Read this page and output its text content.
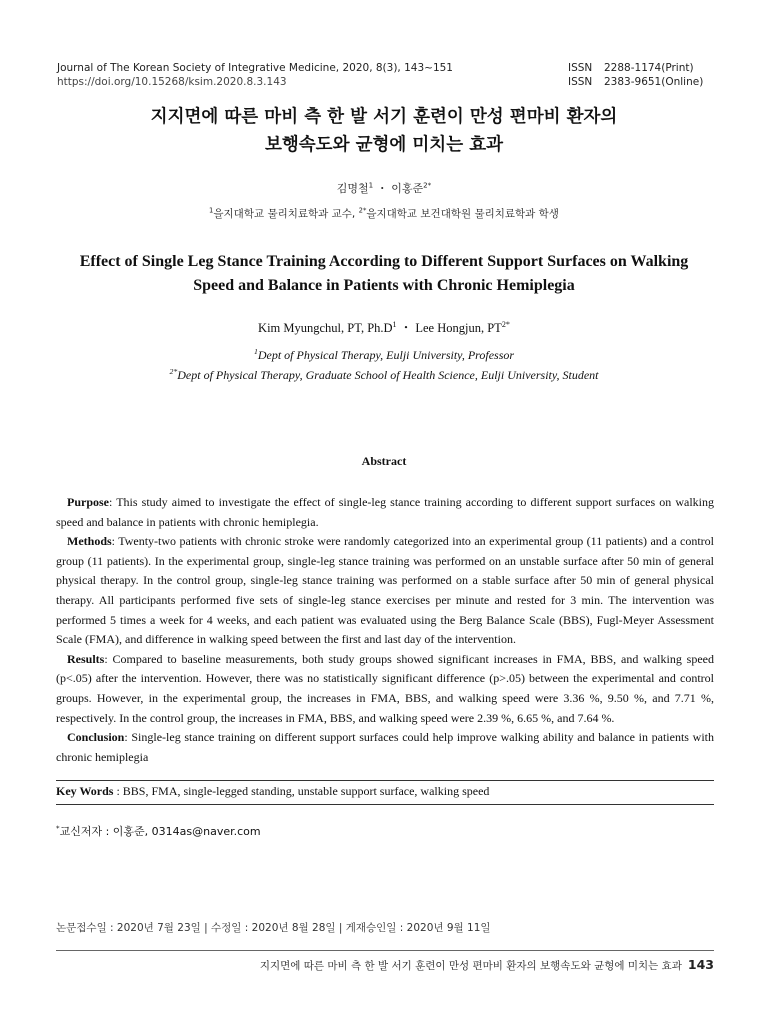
Journal of The Korean Society of Integrative Medicine, 2020, 8(3), 143~151
https://doi.org/10.15268/ksim.2020.8.3.143
ISSN 2288-1174(Print)
ISSN 2383-9651(Online)
지지면에 따른 마비 측 한 발 서기 훈련이 만성 편마비 환자의
보행속도와 균형에 미치는 효과
김명철$^1$ ・ 이홍준$^{2*}$
$^1$을지대학교 물리치료학과 교수, $^{2*}$을지대학교 보건대학원 물리치료학과 학생
Effect of Single Leg Stance Training According to Different Support Surfaces on Walking
Speed and Balance in Patients with Chronic Hemiplegia
Kim Myungchul, PT, $Ph.D^1$ ・ Lee Hongjun, $PT^{2*}$
$^1$Dept of Physical Therapy, Eulji University, Professor
$^{2*}$Dept of Physical Therapy, Graduate School of Health Science, Eulji University, Student
Abstract

Purpose: This study aimed to investigate the effect of single-leg stance training according to different support surfaces on walking speed and balance in patients with chronic hemiplegia.

Methods: Twenty-two patients with chronic stroke were randomly categorized into an experimental group (11 patients) and a control group (11 patients). In the experimental group, single-leg stance training was performed on an unstable surface after 50 min of general physical therapy. In the control group, single-leg stance training was performed on a stable surface after 50 min of general physical therapy. All participants performed five sets of single-leg stance exercises per minute and rested for 3 min. The intervention was performed 5 times a week for 4 weeks, and each patient was evaluated using the Berg Balance Scale (BBS), Fugl-Meyer Assessment Scale (FMA), and difference in walking speed between the first and last day of the intervention.

Results: Compared to baseline measurements, both study groups showed significant increases in FMA, BBS, and walking speed (p<.05) after the intervention. However, there was no statistically significant difference (p>.05) between the experimental and control groups. However, in the experimental group, the increases in FMA, BBS, and walking speed were 3.36 %, 9.50 %, and 7.71 %, respectively. In the control group, the increases in FMA, BBS, and walking speed were 2.39 %, 6.65 %, and 7.64 %.

Conclusion: Single-leg stance training on different support surfaces could help improve walking ability and balance in patients with chronic hemiplegia

Key Words : BBS, FMA, single-legged standing, unstable support surface, walking speed
*교신저자 : 이홍준, 0314as@naver.com
논문접수일 : 2020년 7월 23일 | 수정일 : 2020년 8월 28일 | 게재승인일 : 2020년 9월 11일
지지면에 따른 마비 측 한 발 서기 훈련이 만성 편마비 환자의 보행속도와 균형에 미치는 효과 143
